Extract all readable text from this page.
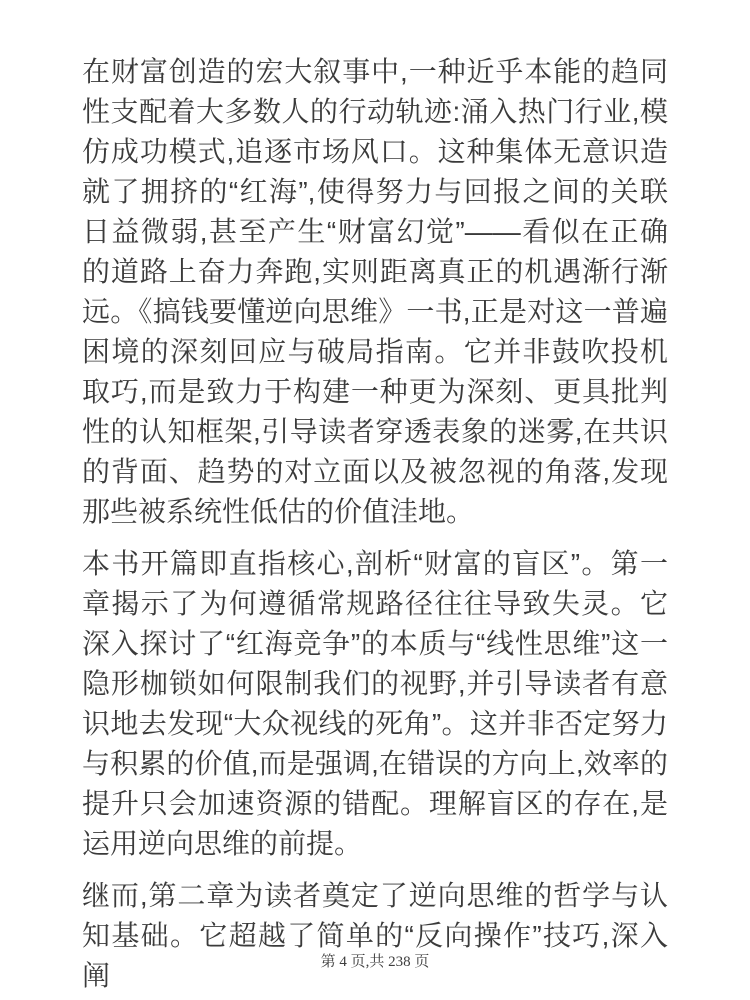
在财富创造的宏大叙事中,一种近乎本能的趋同性支配着大多数人的行动轨迹:涌入热门行业,模仿成功模式,追逐市场风口。这种集体无意识造就了拥挤的“红海”,使得努力与回报之间的关联日益微弱,甚至产生“财富幻觉”——看似在正确的道路上奋力奔跑,实则距离真正的机遇渐行渐远。《搞钱要懂逆向思维》一书,正是对这一普遍困境的深刻回应与破局指南。它并非鼓吹投机取巧,而是致力于构建一种更为深刻、更具批判性的认知框架,引导读者穿透表象的迷雾,在共识的背面、趋势的对立面以及被忽视的角落,发现那些被系统性低估的价值洼地。

本书开篇即直指核心,剖析“财富的盲区”。第一章揭示了为何遵循常规路径往往导致失灵。它深入探讨了“红海竞争”的本质与“线性思维”这一隐形枷锁如何限制我们的视野,并引导读者有意识地去发现“大众视线的死角”。这并非否定努力与积累的价值,而是强调,在错误的方向上,效率的提升只会加速资源的错配。理解盲区的存在,是运用逆向思维的前提。

继而,第二章为读者奠定了逆向思维的哲学与认知基础。它超越了简单的“反向操作”技巧,深入阐	第 4 页,共 238 页
